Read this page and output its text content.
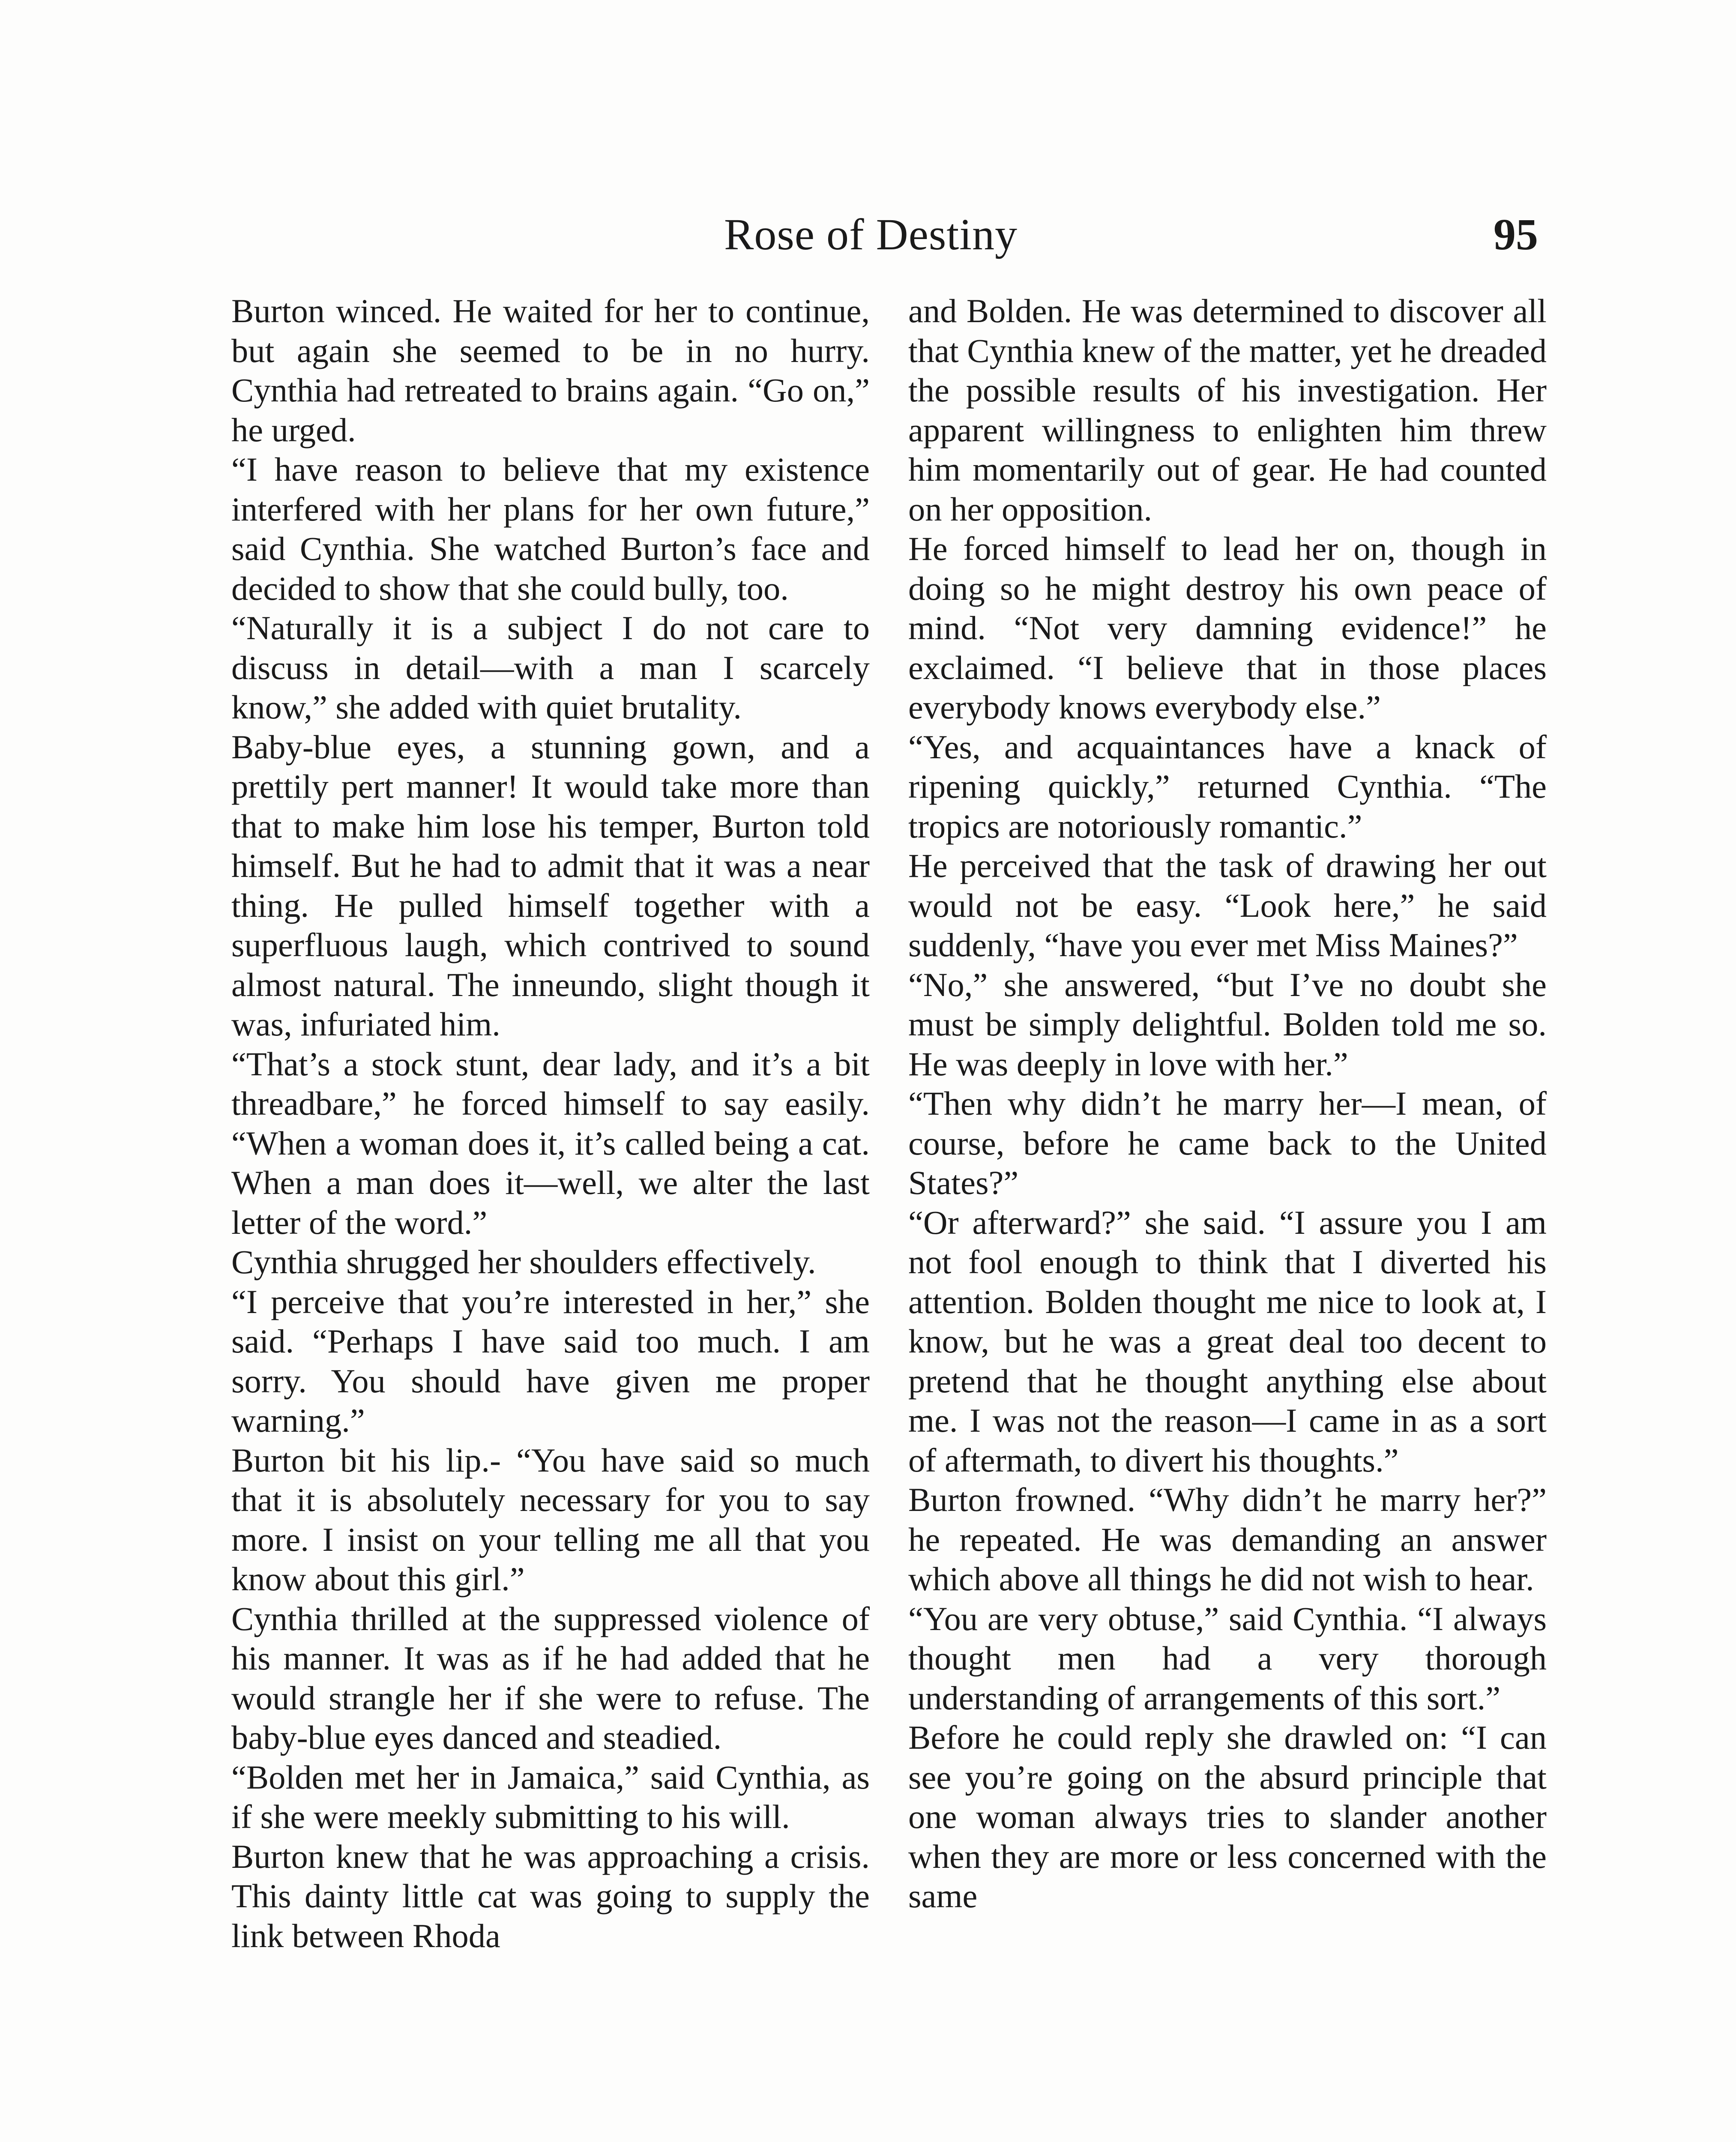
Rose of Destiny	95

Burton winced. He waited for her to continue, but again she seemed to be in no hurry. Cynthia had retreated to brains again. “Go on,” he urged.

“I have reason to believe that my existence interfered with her plans for her own future,” said Cynthia. She watched Burton’s face and decided to show that she could bully, too.

“Naturally it is a subject I do not care to discuss in detail—with a man I scarcely know,” she added with quiet brutality.

Baby-blue eyes, a stunning gown, and a prettily pert manner! It would take more than that to make him lose his temper, Burton told himself. But he had to admit that it was a near thing. He pulled himself together with a superfluous laugh, which contrived to sound almost natural. The inneundo, slight though it was, infuriated him.

“That’s a stock stunt, dear lady, and it’s a bit threadbare,” he forced himself to say easily. “When a woman does it, it’s called being a cat. When a man does it—well, we alter the last letter of the word.”

Cynthia shrugged her shoulders effectively.

“I perceive that you’re interested in her,” she said. “Perhaps I have said too much. I am sorry. You should have given me proper warning.”

Burton bit his lip.- “You have said so much that it is absolutely necessary for you to say more. I insist on your telling me all that you know about this girl.”

Cynthia thrilled at the suppressed violence of his manner. It was as if he had added that he would strangle her if she were to refuse. The baby-blue eyes danced and steadied.

“Bolden met her in Jamaica,” said Cynthia, as if she were meekly submitting to his will.

Burton knew that he was approaching a crisis. This dainty little cat was going to supply the link between Rhoda

and Bolden. He was determined to discover all that Cynthia knew of the matter, yet he dreaded the possible results of his investigation. Her apparent willingness to enlighten him threw him momentarily out of gear. He had counted on her opposition.

He forced himself to lead her on, though in doing so he might destroy his own peace of mind. “Not very damning evidence!” he exclaimed. “I believe that in those places everybody knows everybody else.”

“Yes, and acquaintances have a knack of ripening quickly,” returned Cynthia. “The tropics are notoriously romantic.”

He perceived that the task of drawing her out would not be easy. “Look here,” he said suddenly, “have you ever met Miss Maines?”

“No,” she answered, “but I’ve no doubt she must be simply delightful. Bolden told me so. He was deeply in love with her.”

“Then why didn’t he marry her—I mean, of course, before he came back to the United States?”

“Or afterward?” she said. “I assure you I am not fool enough to think that I diverted his attention. Bolden thought me nice to look at, I know, but he was a great deal too decent to pretend that he thought anything else about me. I was not the reason—I came in as a sort of aftermath, to divert his thoughts.”

Burton frowned. “Why didn’t he marry her?” he repeated. He was demanding an answer which above all things he did not wish to hear.

“You are very obtuse,” said Cynthia. “I always thought men had a very thorough understanding of arrangements of this sort.”

Before he could reply she drawled on: “I can see you’re going on the absurd principle that one woman always tries to slander another when they are more or less concerned with the same
